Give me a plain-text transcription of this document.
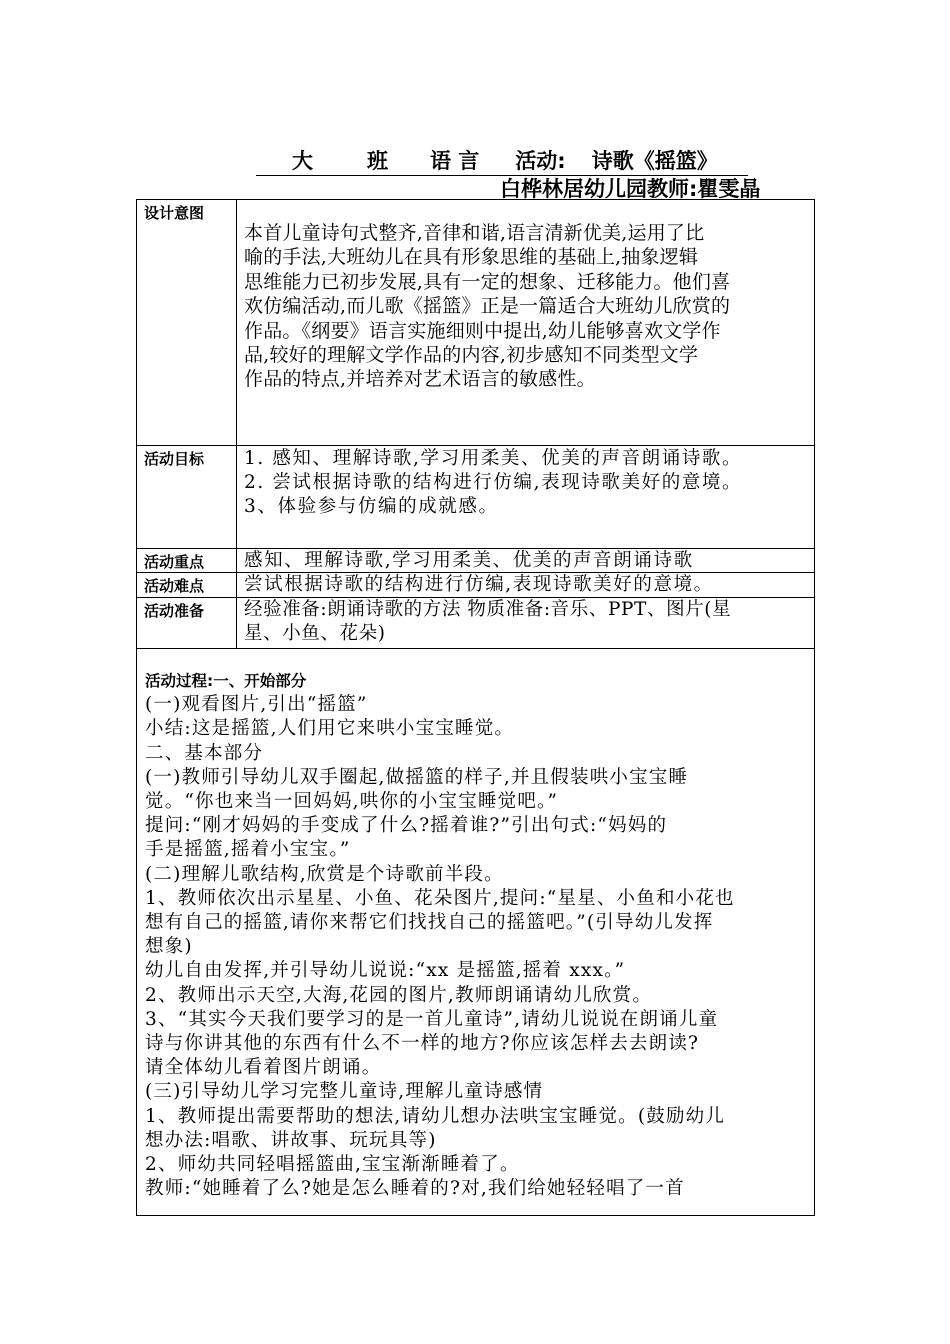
大	班 语 言 活动: 诗歌《摇篮》
白桦林居幼儿园教师:瞿雯晶
设计意图

本首儿童诗句式整齐,音律和谐,语言清新优美,运用了比

喻的手法,大班幼儿在具有形象思维的基础上,抽象逻辑

思维能力已初步发展,具有一定的想象、迁移能力。他们喜

欢仿编活动,而儿歌《摇篮》正是一篇适合大班幼儿欣赏的

作品。《纲要》语言实施细则中提出,幼儿能够喜欢文学作

品,较好的理解文学作品的内容,初步感知不同类型文学

作品的特点,并培养对艺术语言的敏感性。

活动目标	1. 感知、理解诗歌,学习用柔美、优美的声音朗诵诗歌。

2. 尝试根据诗歌的结构进行仿编,表现诗歌美好的意境。

3、体验参与仿编的成就感。

活动重点	感知、理解诗歌,学习用柔美、优美的声音朗诵诗歌
活动难点	尝试根据诗歌的结构进行仿编,表现诗歌美好的意境。
活动准备	经验准备:朗诵诗歌的方法 物质准备:音乐、PPT、图片(星

星、小鱼、花朵)

活动过程:一、开始部分

(一)观看图片,引出“摇篮”

小结:这是摇篮,人们用它来哄小宝宝睡觉。

二、基本部分

(一)教师引导幼儿双手圈起,做摇篮的样子,并且假装哄小宝宝睡

觉。“你也来当一回妈妈,哄你的小宝宝睡觉吧。”

提问:“刚才妈妈的手变成了什么?摇着谁?”引出句式:“妈妈的

手是摇篮,摇着小宝宝。”

(二)理解儿歌结构,欣赏是个诗歌前半段。

1、教师依次出示星星、小鱼、花朵图片,提问:“星星、小鱼和小花也

想有自己的摇篮,请你来帮它们找找自己的摇篮吧。”(引导幼儿发挥

想象)

幼儿自由发挥,并引导幼儿说说:“xx 是摇篮,摇着 xxx。”

2、教师出示天空,大海,花园的图片,教师朗诵请幼儿欣赏。

3、“其实今天我们要学习的是一首儿童诗”,请幼儿说说在朗诵儿童

诗与你讲其他的东西有什么不一样的地方?你应该怎样去去朗读?

请全体幼儿看着图片朗诵。

(三)引导幼儿学习完整儿童诗,理解儿童诗感情

1、教师提出需要帮助的想法,请幼儿想办法哄宝宝睡觉。(鼓励幼儿

想办法:唱歌、讲故事、玩玩具等)

2、师幼共同轻唱摇篮曲,宝宝渐渐睡着了。

教师:“她睡着了么?她是怎么睡着的?对,我们给她轻轻唱了一首
